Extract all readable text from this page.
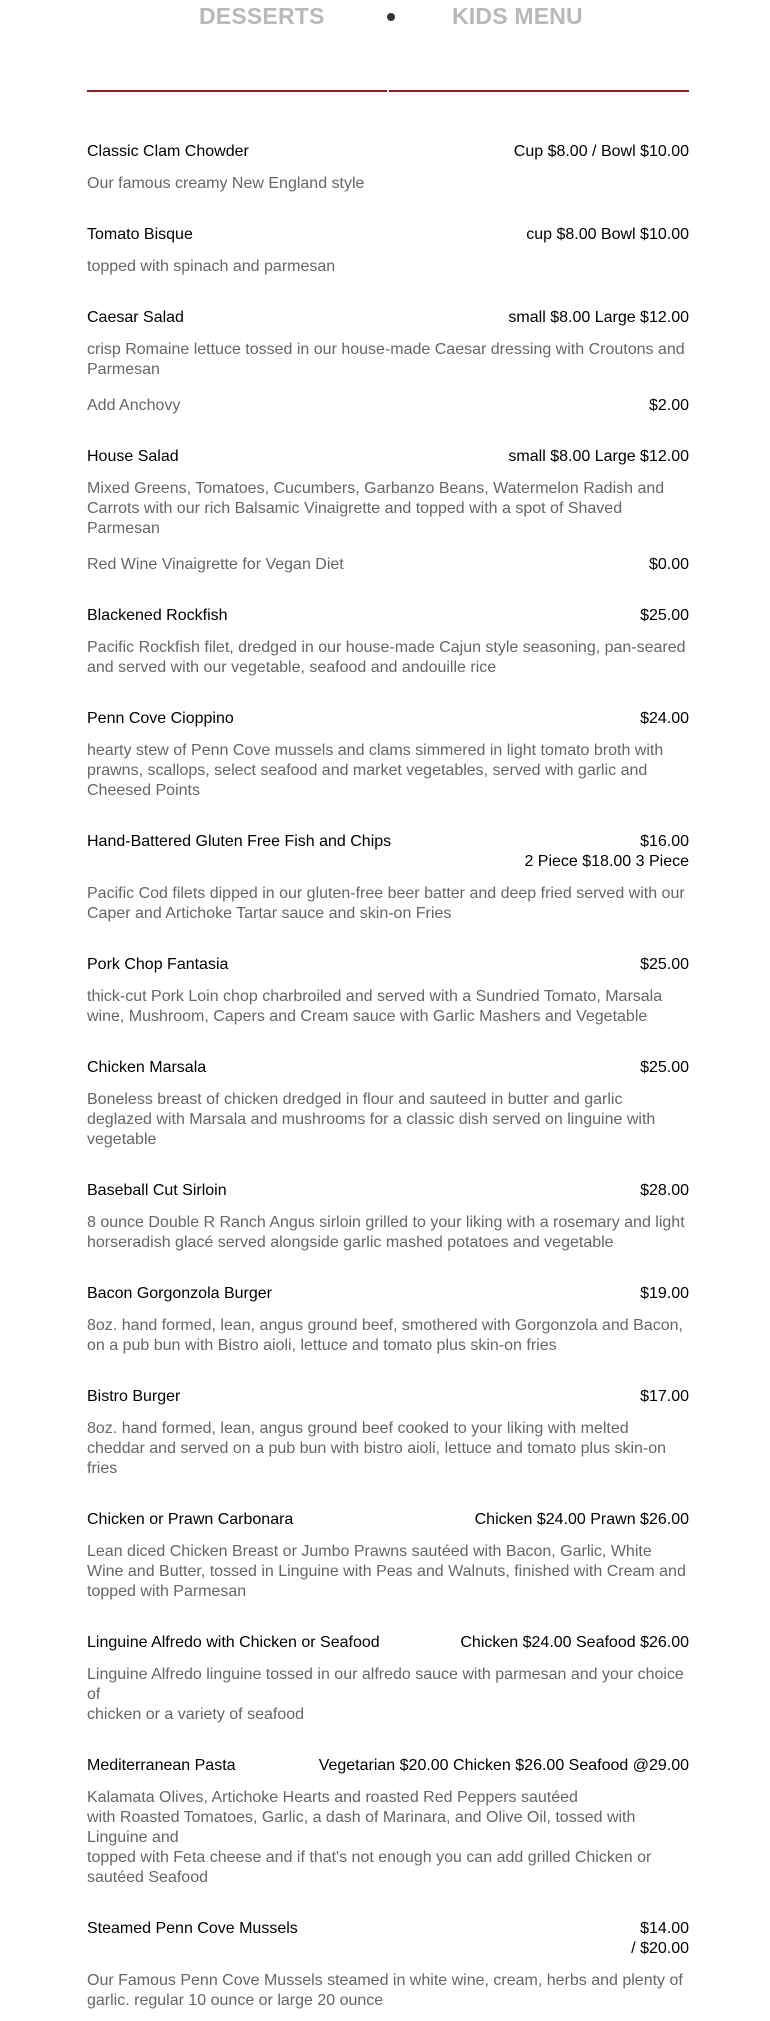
DESSERTS	KIDS MENU
Classic Clam Chowder	Cup $8.00 / Bowl $10.00
Our famous creamy New England style
Tomato Bisque	cup $8.00 Bowl $10.00
topped with spinach and parmesan
Caesar Salad	small $8.00 Large $12.00
crisp Romaine lettuce tossed in our house-made Caesar dressing with Croutons and Parmesan
Add Anchovy	$2.00
House Salad	small $8.00 Large $12.00
Mixed Greens, Tomatoes, Cucumbers, Garbanzo Beans, Watermelon Radish and Carrots with our rich Balsamic Vinaigrette and topped with a spot of Shaved Parmesan
Red Wine Vinaigrette for Vegan Diet	$0.00
Blackened Rockfish	$25.00
Pacific Rockfish filet, dredged in our house-made Cajun style seasoning, pan-seared and served with our vegetable, seafood and andouille rice
Penn Cove Cioppino	$24.00
hearty stew of Penn Cove mussels and clams simmered in light tomato broth with prawns, scallops, select seafood and market vegetables, served with garlic and Cheesed Points
Hand-Battered Gluten Free Fish and Chips	$16.00
2 Piece $18.00 3 Piece
Pacific Cod filets dipped in our gluten-free beer batter and deep fried served with our Caper and Artichoke Tartar sauce and skin-on Fries
Pork Chop Fantasia	$25.00
thick-cut Pork Loin chop charbroiled and served with a Sundried Tomato, Marsala wine, Mushroom, Capers and Cream sauce with Garlic Mashers and Vegetable
Chicken Marsala	$25.00
Boneless breast of chicken dredged in flour and sauteed in butter and garlic deglazed with Marsala and mushrooms for a classic dish served on linguine with vegetable
Baseball Cut Sirloin	$28.00
8 ounce Double R Ranch Angus sirloin grilled to your liking with a rosemary and light horseradish glacé served alongside garlic mashed potatoes and vegetable
Bacon Gorgonzola Burger	$19.00
8oz. hand formed, lean, angus ground beef, smothered with Gorgonzola and Bacon, on a pub bun with Bistro aioli, lettuce and tomato plus skin-on fries
Bistro Burger	$17.00
8oz. hand formed, lean, angus ground beef cooked to your liking with melted cheddar and served on a pub bun with bistro aioli, lettuce and tomato plus skin-on fries
Chicken or Prawn Carbonara	Chicken $24.00 Prawn $26.00
Lean diced Chicken Breast or Jumbo Prawns sautéed with Bacon, Garlic, White Wine and Butter, tossed in Linguine with Peas and Walnuts, finished with Cream and topped with Parmesan
Linguine Alfredo with Chicken or Seafood	Chicken $24.00 Seafood $26.00
Linguine Alfredo linguine tossed in our alfredo sauce with parmesan and your choice of
chicken or a variety of seafood
Mediterranean Pasta	Vegetarian $20.00 Chicken $26.00 Seafood @29.00
Kalamata Olives, Artichoke Hearts and roasted Red Peppers sautéed
with Roasted Tomatoes, Garlic, a dash of Marinara, and Olive Oil, tossed with Linguine and
topped with Feta cheese and if that's not enough you can add grilled Chicken or sautéed Seafood
Steamed Penn Cove Mussels	$14.00
/ $20.00
Our Famous Penn Cove Mussels steamed in white wine, cream, herbs and plenty of garlic. regular 10 ounce or large 20 ounce
